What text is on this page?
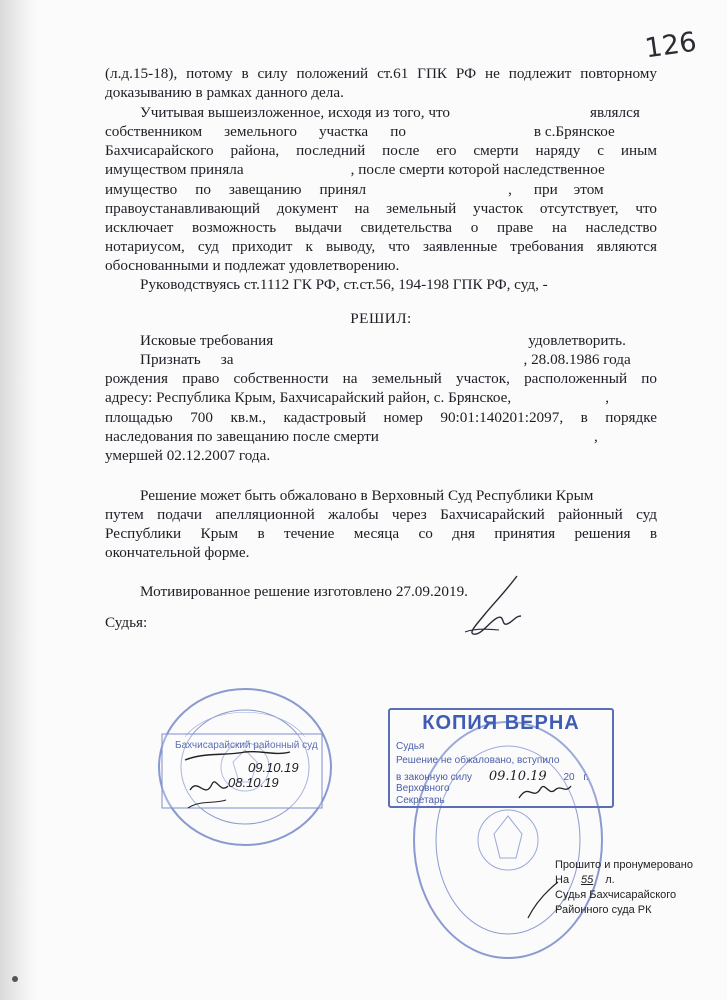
126
(л.д.15-18), потому в силу положений ст.61 ГПК РФ не подлежит повторному
доказыванию в рамках данного дела.
Учитывая вышеизложенное, исходя из того, что	являлся
собственником земельного участка по	в с.Брянское
Бахчисарайского района, последний после его смерти наряду с иным
имуществом приняла	, после смерти которой наследственное
имущество по завещанию принял	, при этом
правоустанавливающий документ на земельный участок отсутствует, что
исключает возможность выдачи свидетельства о праве на наследство
нотариусом, суд приходит к выводу, что заявленные требования являются
обоснованными и подлежат удовлетворению.
Руководствуясь ст.1112 ГК РФ, ст.ст.56, 194-198 ГПК РФ, суд, -
РЕШИЛ:
Исковые требования	удовлетворить.
Признать за	, 28.08.1986 года
рождения право собственности на земельный участок, расположенный по
адресу: Республика Крым, Бахчисарайский район, с. Брянское,	,
площадью 700 кв.м., кадастровый номер 90:01:140201:2097, в порядке
наследования по завещанию после смерти	,
умершей 02.12.2007 года.
Решение может быть обжаловано в Верховный Суд Республики Крым
путем подачи апелляционной жалобы через Бахчисарайский районный суд
Республики Крым в течение месяца со дня принятия решения в
окончательной форме.
Мотивированное решение изготовлено 27.09.2019.
Судья:
Бахчисарайский районный суд
09.10.19
08.10.19
КОПИЯ ВЕРНА
Судья
Решение не обжаловано, вступило
в законную силу 09.10.19 20 г.
Верховного
Секретарь
Прошито и пронумеровано
На 55 л.
Судья Бахчисарайского
Районного суда РК
